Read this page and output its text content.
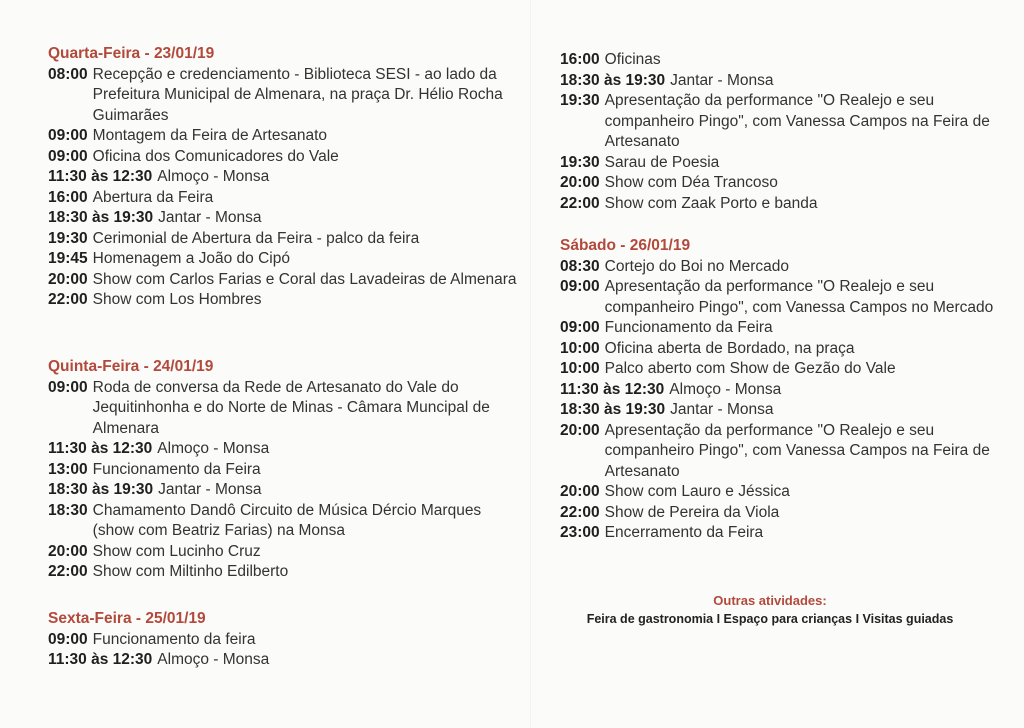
Quarta-Feira - 23/01/19
08:00 Recepção e credenciamento - Biblioteca SESI - ao lado da Prefeitura Municipal de Almenara, na praça Dr. Hélio Rocha Guimarães
09:00 Montagem da Feira de Artesanato
09:00 Oficina dos Comunicadores do Vale
11:30 às 12:30 Almoço - Monsa
16:00 Abertura da Feira
18:30 às 19:30 Jantar - Monsa
19:30 Cerimonial de Abertura da Feira - palco da feira
19:45 Homenagem a João do Cipó
20:00 Show com Carlos Farias e Coral das Lavadeiras de Almenara
22:00 Show com Los Hombres
Quinta-Feira - 24/01/19
09:00 Roda de conversa da Rede de Artesanato do Vale do Jequitinhonha e do Norte de Minas - Câmara Muncipal de Almenara
11:30 às 12:30 Almoço - Monsa
13:00 Funcionamento da Feira
18:30 às 19:30 Jantar - Monsa
18:30 Chamamento Dandô Circuito de Música Dércio Marques (show com Beatriz Farias) na Monsa
20:00 Show com Lucinho Cruz
22:00 Show com Miltinho Edilberto
Sexta-Feira - 25/01/19
09:00 Funcionamento da feira
11:30 às 12:30 Almoço - Monsa
16:00 Oficinas
18:30 às 19:30 Jantar - Monsa
19:30 Apresentação da performance "O Realejo e seu companheiro Pingo", com Vanessa Campos na Feira de Artesanato
19:30 Sarau de Poesia
20:00 Show com Déa Trancoso
22:00 Show com Zaak Porto e banda
Sábado - 26/01/19
08:30 Cortejo do Boi no Mercado
09:00 Apresentação da performance "O Realejo e seu companheiro Pingo", com Vanessa Campos no Mercado
09:00 Funcionamento da Feira
10:00 Oficina aberta de Bordado, na praça
10:00 Palco aberto com Show de Gezão do Vale
11:30 às 12:30 Almoço - Monsa
18:30 às 19:30 Jantar - Monsa
20:00 Apresentação da performance "O Realejo e seu companheiro Pingo", com Vanessa Campos na Feira de Artesanato
20:00 Show com Lauro e Jéssica
22:00 Show de Pereira da Viola
23:00 Encerramento da Feira
Outras atividades:
Feira de gastronomia I Espaço para crianças I Visitas guiadas
